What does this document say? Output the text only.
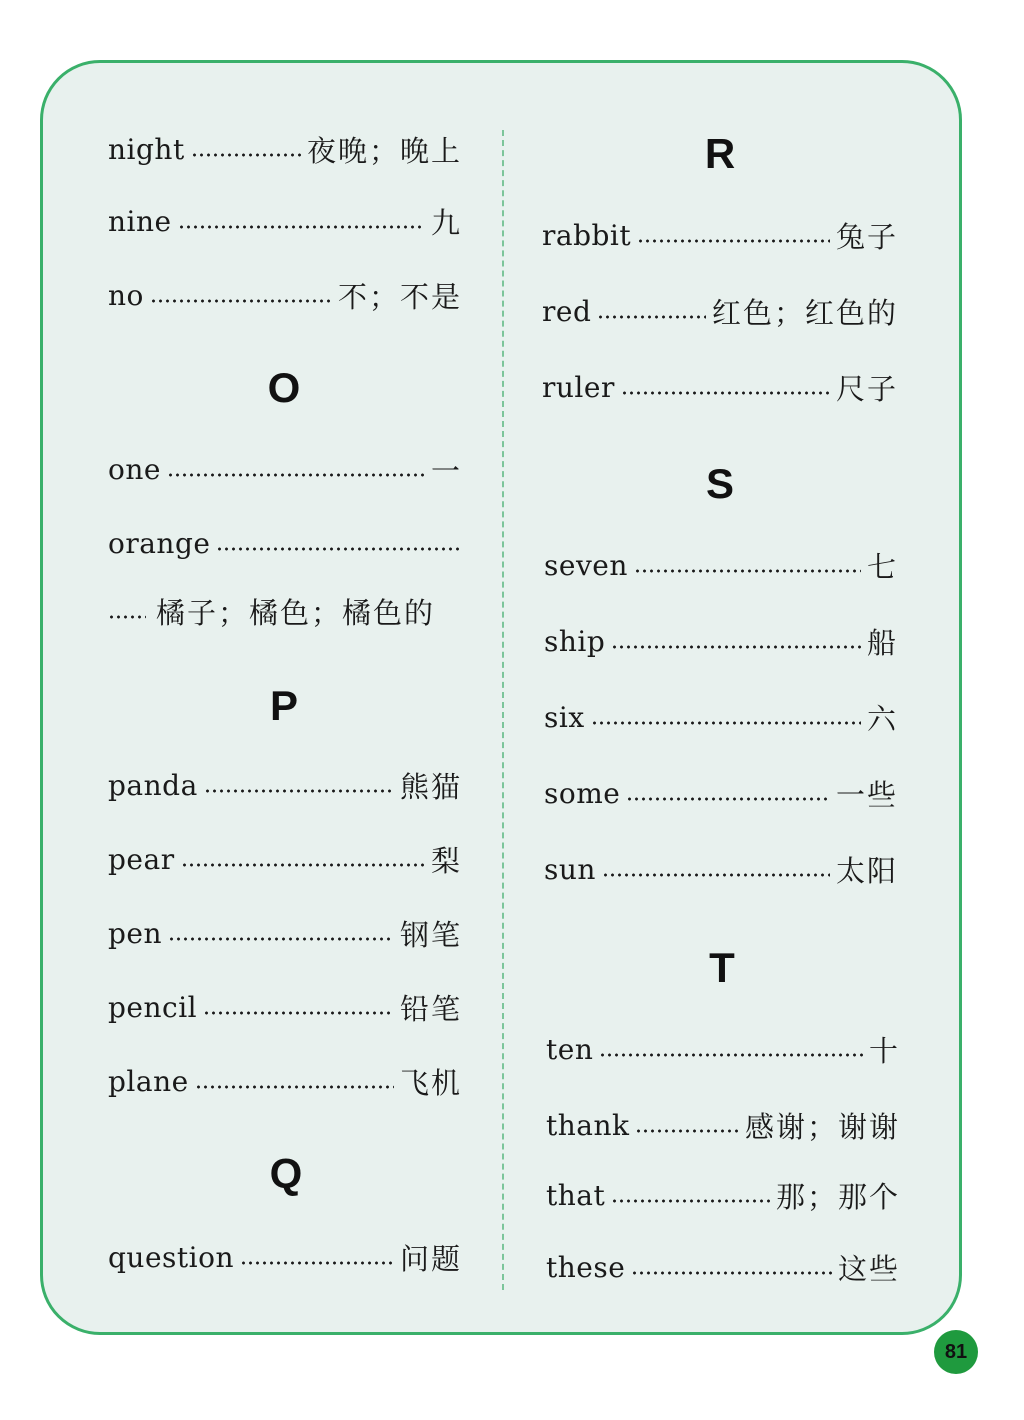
night	夜晚；晚上
nine	九
no	不；不是
O
one	一
orange
橘子；橘色；橘色的
P
panda	熊猫
pear	梨
pen	钢笔
pencil	铅笔
plane	飞机
Q
question	问题
R
rabbit	兔子
red	红色；红色的
ruler	尺子
S
seven	七
ship	船
six	六
some	一些
sun	太阳
T
ten	十
thank	感谢；谢谢
that	那；那个
these	这些
81
